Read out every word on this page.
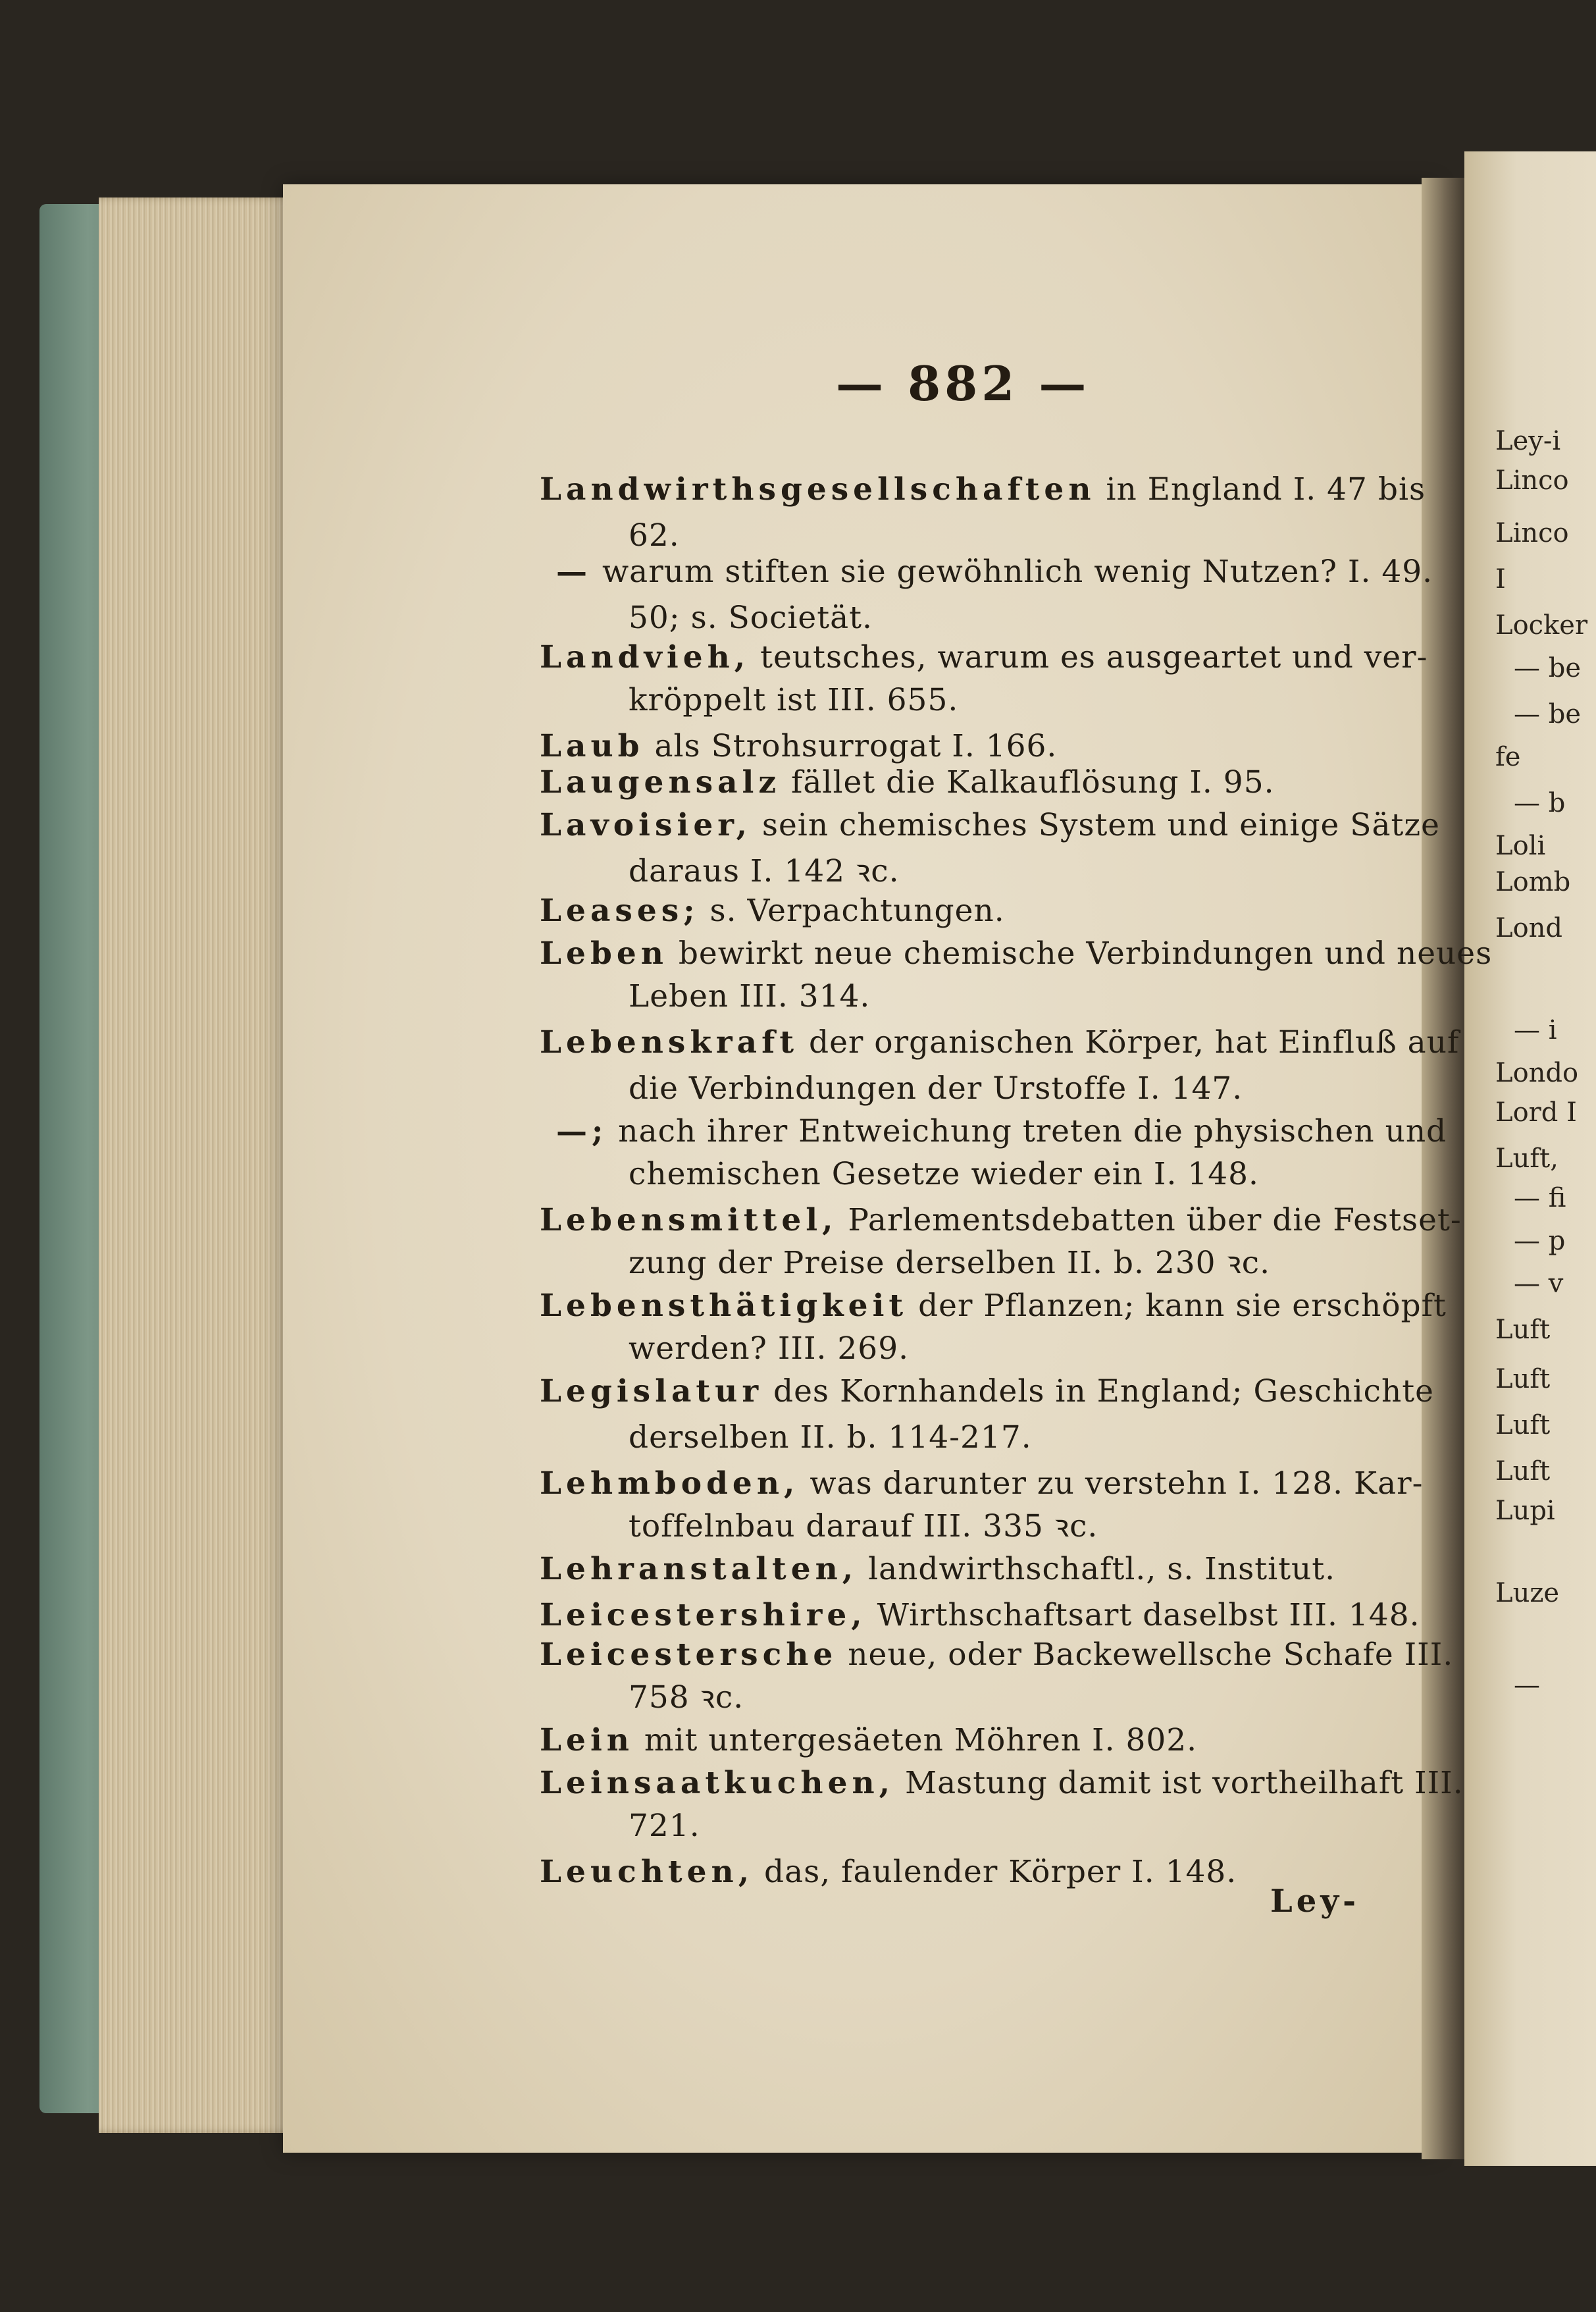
— 882 —
Landwirthsgesellschaften in England I. 47 bis
62.
— warum stiften sie gewöhnlich wenig Nutzen? I. 49.
50; s. Societät.
Landvieh, teutsches, warum es ausgeartet und ver-
kröppelt ist III. 655.
Laub als Strohsurrogat I. 166.
Laugensalz fället die Kalkauflösung I. 95.
Lavoisier, sein chemisches System und einige Sätze
daraus I. 142 ꝛc.
Leases; s. Verpachtungen.
Leben bewirkt neue chemische Verbindungen und neues
Leben III. 314.
Lebenskraft der organischen Körper, hat Einfluß auf
die Verbindungen der Urstoffe I. 147.
—; nach ihrer Entweichung treten die physischen und
chemischen Gesetze wieder ein I. 148.
Lebensmittel, Parlementsdebatten über die Festset-
zung der Preise derselben II. b. 230 ꝛc.
Lebensthätigkeit der Pflanzen; kann sie erschöpft
werden? III. 269.
Legislatur des Kornhandels in England; Geschichte
derselben II. b. 114-217.
Lehmboden, was darunter zu verstehn I. 128. Kar-
toffelnbau darauf III. 335 ꝛc.
Lehranstalten, landwirthschaftl., s. Institut.
Leicestershire, Wirthschaftsart daselbst III. 148.
Leicestersche neue, oder Backewellsche Schafe III.
758 ꝛc.
Lein mit untergesäeten Möhren I. 802.
Leinsaatkuchen, Mastung damit ist vortheilhaft III.
721.
Leuchten, das, faulender Körper I. 148.
Ley-
Ley-i
Linco
Linco
I
Locker
— be
— be
fe
— b
Loli
Lomb
Lond
— i
Londo
Lord I
Luft,
— fi
— p
— v
Luft
Luft
Luft
Luft
Lupi
Luze
—
